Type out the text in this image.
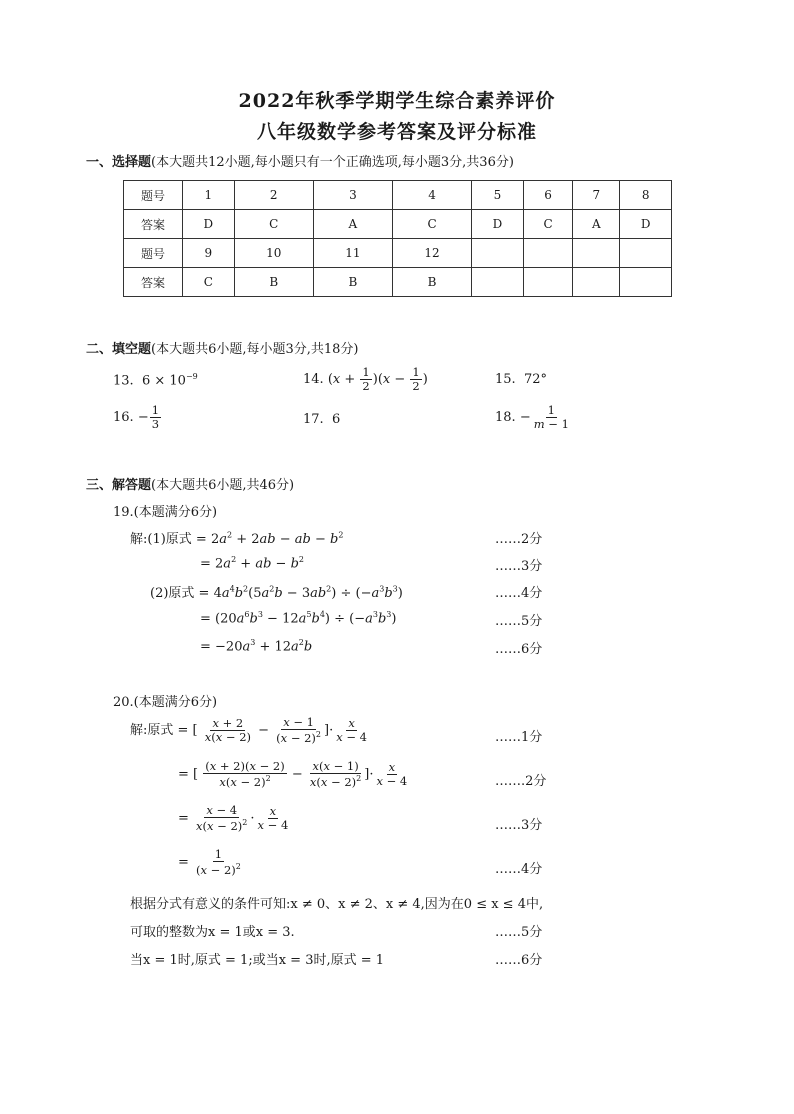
2022年秋季学期学生综合素养评价
八年级数学参考答案及评分标准
一、选择题(本大题共12小题,每小题只有一个正确选项,每小题3分,共36分)
题号	1	2	3	4	5	6	7	8
答案	D	C	A	C	D	C	A	D
题号	9	10	11	12				
答案	C	B	B	B				
二、填空题(本大题共6小题,每小题3分,共18分)
13. $6 \times 10^{-9}$	14. $(x + \frac{1}{2} )(x - \frac{1}{2}$ )	15. 72°
16. − $\frac{1}{3}$	17. 6	18. − $\frac{1}{m - 1}$
三、解答题(本大题共6小题,共46分)
19.(本题满分6分)
解:(1)原式 = $2a^2 + 2ab$ − ab − $b^2$	……2分
= $2a^2$ + ab − $b^2$	……3分
(2)原式 = $4a^4b^2(5a^2b - 3ab^2) \div (-a^3b^3)$	……4分
= $(20a^6b^3 - 12a^5b^4) \div (-a^3b^3)$	……5分
= $-20a^3 + 12a^2b$	……6分
20.(本题满分6分)
解:原式 = [ $\frac{x + 2}{x(x - 2)} - \frac{x - 1}{(x - 2)^2}$ ]· $\frac{x}{x - 4}$	……1分
= [ $\frac{(x + 2)(x - 2)}{x(x - 2)^2} - \frac{x(x - 1)}{x(x - 2)^2}$ ]· $\frac{x}{x - 4}$	…….2分
= $\frac{x - 4}{x(x - 2)^2} \cdot \frac{x}{x - 4}$	……3分
= $\frac{1}{(x - 2)^2}$	……4分
根据分式有意义的条件可知:x ≠ 0、x ≠ 2、x ≠ 4,因为在0 ≤ x ≤ 4中,
可取的整数为x = 1或x = 3.	……5分
当x = 1时,原式 = 1;或当x = 3时,原式 = 1	……6分
